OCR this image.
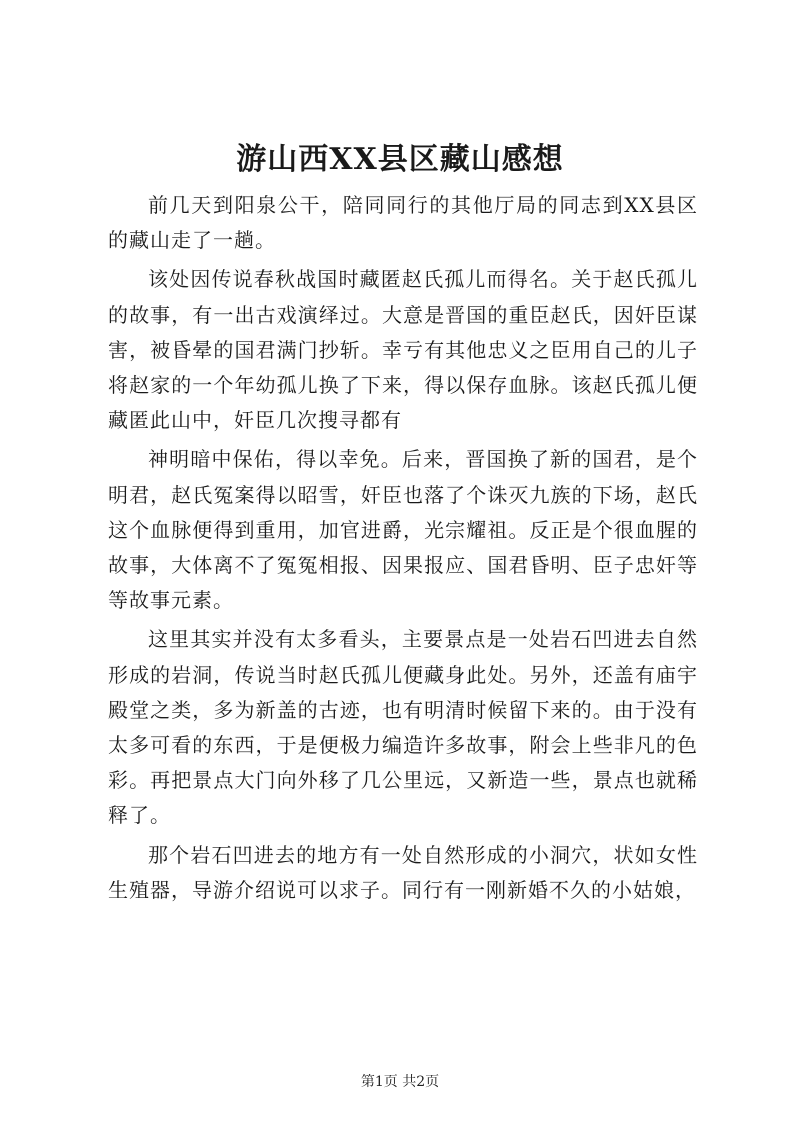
游山西XX县区藏山感想

前几天到阳泉公干，陪同同行的其他厅局的同志到XX县区的藏山走了一趟。

该处因传说春秋战国时藏匿赵氏孤儿而得名。关于赵氏孤儿的故事，有一出古戏演绎过。大意是晋国的重臣赵氏，因奸臣谋害，被昏晕的国君满门抄斩。幸亏有其他忠义之臣用自己的儿子将赵家的一个年幼孤儿换了下来，得以保存血脉。该赵氏孤儿便藏匿此山中，奸臣几次搜寻都有

神明暗中保佑，得以幸免。后来，晋国换了新的国君，是个明君，赵氏冤案得以昭雪，奸臣也落了个诛灭九族的下场，赵氏这个血脉便得到重用，加官进爵，光宗耀祖。反正是个很血腥的故事，大体离不了冤冤相报、因果报应、国君昏明、臣子忠奸等等故事元素。

这里其实并没有太多看头，主要景点是一处岩石凹进去自然形成的岩洞，传说当时赵氏孤儿便藏身此处。另外，还盖有庙宇殿堂之类，多为新盖的古迹，也有明清时候留下来的。由于没有太多可看的东西，于是便极力编造许多故事，附会上些非凡的色彩。再把景点大门向外移了几公里远，又新造一些，景点也就稀释了。

那个岩石凹进去的地方有一处自然形成的小洞穴，状如女性生殖器，导游介绍说可以求子。同行有一刚新婚不久的小姑娘，

第1页 共2页
